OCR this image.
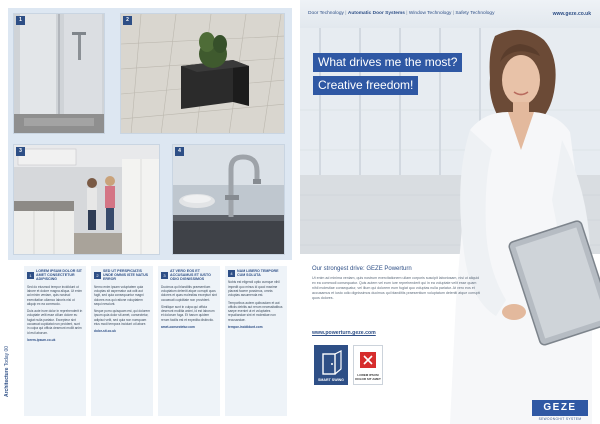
1	2
3	4
1
LOREM IPSUM DOLOR SIT AMET CONSECTETUR ADIPISCING

Sed do eiusmod tempor incididunt ut labore et dolore magna aliqua. Ut enim ad minim veniam, quis nostrud exercitation ullamco laboris nisi ut aliquip ex ea commodo.

Duis aute irure dolor in reprehenderit in voluptate velit esse cillum dolore eu fugiat nulla pariatur. Excepteur sint occaecat cupidatat non proident, sunt in culpa qui officia deserunt mollit anim id est laborum.

lorem-ipsum.co.uk
2
SED UT PERSPICIATIS UNDE OMNIS ISTE NATUS ERROR

Nemo enim ipsam voluptatem quia voluptas sit aspernatur aut odit aut fugit, sed quia consequuntur magni dolores eos qui ratione voluptatem sequi nesciunt.

Neque porro quisquam est, qui dolorem ipsum quia dolor sit amet, consectetur, adipisci velit, sed quia non numquam eius modi tempora incidunt ut labore.

dolor-sit.co.uk
3
AT VERO EOS ET ACCUSAMUS ET IUSTO ODIO DIGNISSIMOS

Ducimus qui blanditiis praesentium voluptatum deleniti atque corrupti quos dolores et quas molestias excepturi sint occaecati cupiditate non provident.

Similique sunt in culpa qui officia deserunt mollitia animi, id est laborum et dolorum fuga. Et harum quidem rerum facilis est et expedita distinctio.

amet-consectetur.com
4	NAM LIBERO TEMPORE CUM SOLUTA

Nobis est eligendi optio cumque nihil impedit quo minus id quod maxime placeat facere possimus, omnis voluptas assumenda est.

Temporibus autem quibusdam et aut officiis debitis aut rerum necessitatibus saepe eveniet ut et voluptates repudiandae sint et molestiae non recusandae.

tempor-incididunt.com
Architecture Today 00
Door Technology | Automatic Door Systems | Window Technology | Safety Technology	www.geze.co.uk
What drives me the most?
Creative freedom!
Our strongest drive: GEZE Powerturn
Ut enim ad minima veniam, quis nostrum exercitationem ullam corporis suscipit laboriosam, nisi ut aliquid ex ea commodi consequatur. Quis autem vel eum iure reprehenderit qui in ea voluptate velit esse quam nihil molestiae consequatur, vel illum qui dolorem eum fugiat quo voluptas nulla pariatur. At vero eos et accusamus et iusto odio dignissimos ducimus qui blanditiis praesentium voluptatum deleniti atque corrupti quos dolores.
www.powerturn.geze.com
SMART SWING
LOREM IPSUM
DOLOR SIT AMET
GEZE
SEWOONGHIT SYSTEM
